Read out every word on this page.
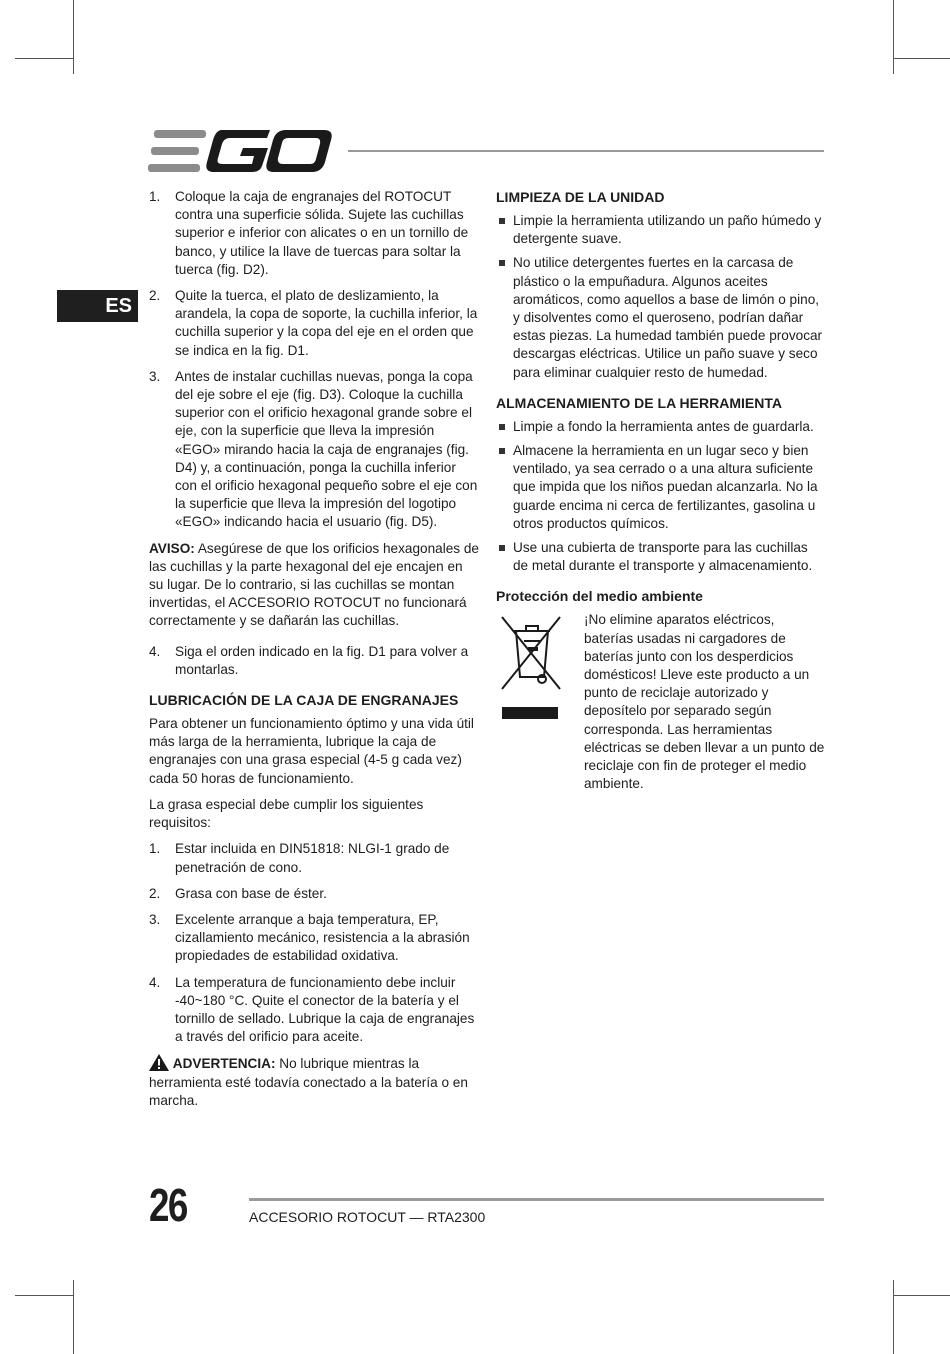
ES
1.	Coloque la caja de engranajes del ROTOCUT contra una superficie sólida. Sujete las cuchillas superior e inferior con alicates o en un tornillo de banco, y utilice la llave de tuercas para soltar la tuerca (fig. D2).
2.	Quite la tuerca, el plato de deslizamiento, la arandela, la copa de soporte, la cuchilla inferior, la cuchilla superior y la copa del eje en el orden que se indica en la fig. D1.
3.	Antes de instalar cuchillas nuevas, ponga la copa del eje sobre el eje (fig. D3). Coloque la cuchilla superior con el orificio hexagonal grande sobre el eje, con la superficie que lleva la impresión «EGO» mirando hacia la caja de engranajes (fig. D4) y, a continuación, ponga la cuchilla inferior con el orificio hexagonal pequeño sobre el eje con la superficie que lleva la impresión del logotipo «EGO» indicando hacia el usuario (fig. D5).

AVISO: Asegúrese de que los orificios hexagonales de las cuchillas y la parte hexagonal del eje encajen en su lugar. De lo contrario, si las cuchillas se montan invertidas, el ACCESORIO ROTOCUT no funcionará correctamente y se dañarán las cuchillas.

4.	Siga el orden indicado en la fig. D1 para volver a montarlas.
LUBRICACIÓN DE LA CAJA DE ENGRANAJES

Para obtener un funcionamiento óptimo y una vida útil más larga de la herramienta, lubrique la caja de engranajes con una grasa especial (4-5 g cada vez) cada 50 horas de funcionamiento.

La grasa especial debe cumplir los siguientes requisitos:

1.	Estar incluida en DIN51818: NLGI-1 grado de penetración de cono.
2.	Grasa con base de éster.
3.	Excelente arranque a baja temperatura, EP, cizallamiento mecánico, resistencia a la abrasión propiedades de estabilidad oxidativa.
4.	La temperatura de funcionamiento debe incluir -40~180 °C. Quite el conector de la batería y el tornillo de sellado. Lubrique la caja de engranajes a través del orificio para aceite.

ADVERTENCIA: No lubrique mientras la herramienta esté todavía conectado a la batería o en marcha.

LIMPIEZA DE LA UNIDAD
Limpie la herramienta utilizando un paño húmedo y detergente suave.
No utilice detergentes fuertes en la carcasa de plástico o la empuñadura. Algunos aceites aromáticos, como aquellos a base de limón o pino, y disolventes como el queroseno, podrían dañar estas piezas. La humedad también puede provocar descargas eléctricas. Utilice un paño suave y seco para eliminar cualquier resto de humedad.
ALMACENAMIENTO DE LA HERRAMIENTA
Limpie a fondo la herramienta antes de guardarla.
Almacene la herramienta en un lugar seco y bien ventilado, ya sea cerrado o a una altura suficiente que impida que los niños puedan alcanzarla. No la guarde encima ni cerca de fertilizantes, gasolina u otros productos químicos.
Use una cubierta de transporte para las cuchillas de metal durante el transporte y almacenamiento.
Protección del medio ambiente
¡No elimine aparatos eléctricos, baterías usadas ni cargadores de baterías junto con los desperdicios domésticos! Lleve este producto a un punto de reciclaje autorizado y deposítelo por separado según corresponda. Las herramientas eléctricas se deben llevar a un punto de reciclaje con fin de proteger el medio ambiente.
26	ACCESORIO ROTOCUT — RTA2300
